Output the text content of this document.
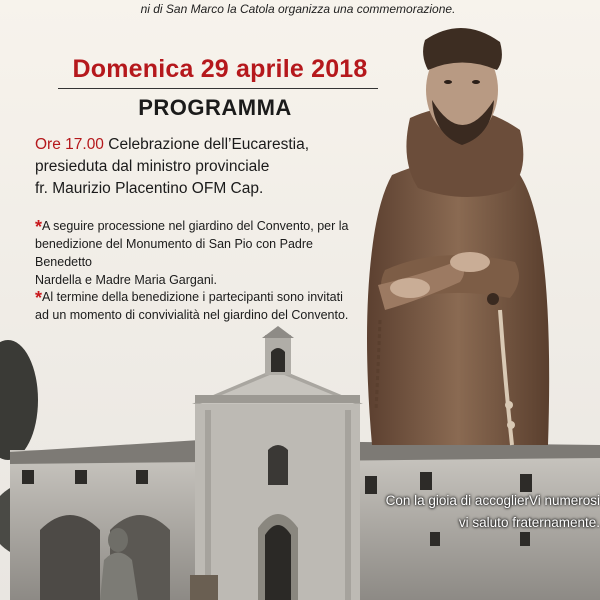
ni di San Marco la Catola organizza una commemorazione.
Domenica 29 aprile 2018
PROGRAMMA
Ore 17.00 Celebrazione dell’Eucarestia,
presieduta dal ministro provinciale
fr. Maurizio Placentino OFM Cap.
*A seguire processione nel giardino del Convento, per la
benedizione del Monumento di San Pio con Padre Benedetto
Nardella e Madre Maria Gargani.
*Al termine della benedizione i partecipanti sono invitati
ad un momento di convivialità nel giardino del Convento.
Con la gioia di accoglierVi numerosi
vi saluto fraternamente.
